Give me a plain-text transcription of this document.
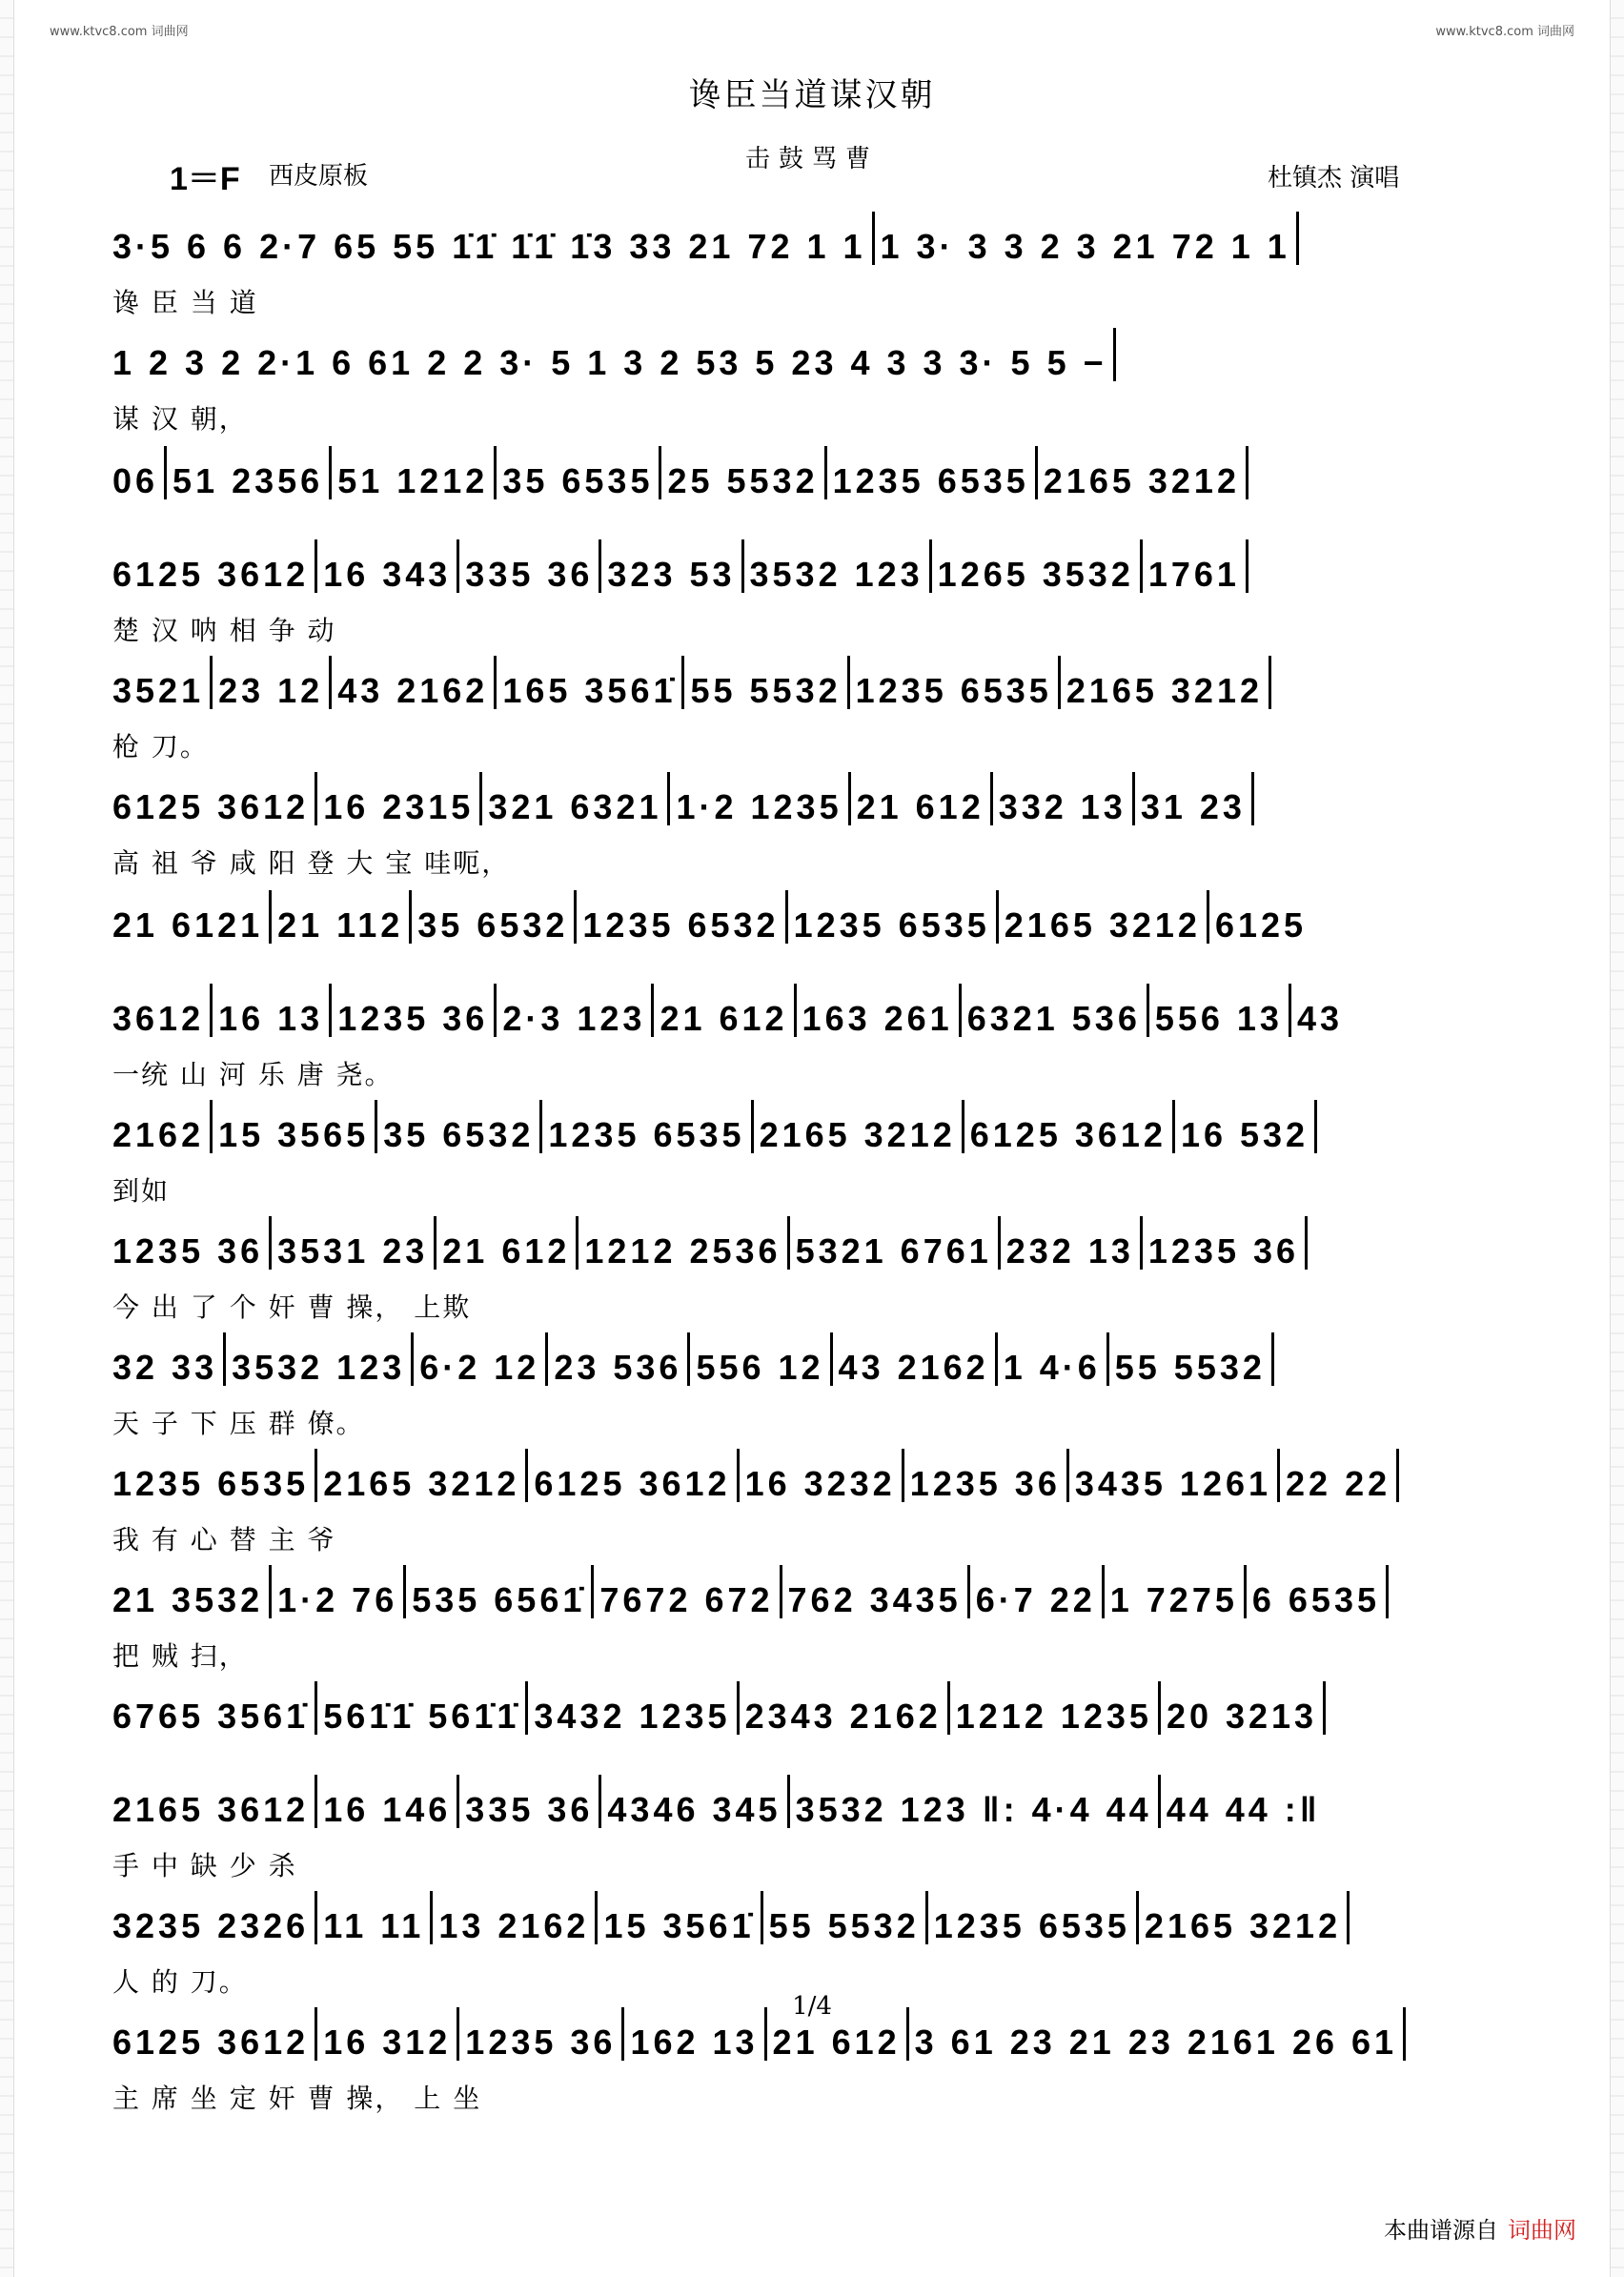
www.ktvc8.com 词曲网	www.ktvc8.com 词曲网
谗臣当道谋汉朝
1＝F 西皮原板
击鼓骂曹
杜镇杰 演唱
3·5 6 6 2·7 65 55 1̇1̇ 1̇1̇ 1̇3 33 21 72 1 1 1 3· 3 3 2 3 21 72 1 1
谗 臣 当 道
1 2 3 2 2·1 6 61 2 2 3· 5 1 3 2 53 5 23 4 3 3 3· 5 5 −
谋 汉 朝，
06 51 2356 51 1212 35 6535 25 5532 1235 6535 2165 3212
6125 3612 16 343 335 36 323 53 3532 123 1265 3532 1761
楚 汉 呐 相 争 动
3521 23 12 43 2162 165 3561̇ 55 5532 1235 6535 2165 3212
枪 刀。
6125 3612 16 2315 321 6321 1·2 1235 21 612 332 13 31 23
高 祖 爷 咸 阳 登 大 宝 哇呃，
21 6121 21 112 35 6532 1235 6532 1235 6535 2165 3212 6125
3612 16 13 1235 36 2·3 123 21 612 163 261 6321 536 556 13 43
一统 山 河 乐 唐 尧。
2162 15 3565 35 6532 1235 6535 2165 3212 6125 3612 16 532
到如
1235 36 3531 23 21 612 1212 2536 5321 6761 232 13 1235 36
今 出 了 个 奸 曹 操， 上欺
32 33 3532 123 6·2 12 23 536 556 12 43 2162 1 4·6 55 5532
天 子 下 压 群 僚。
1235 6535 2165 3212 6125 3612 16 3232 1235 36 3435 1261 22 22
我 有 心 替 主 爷
21 3532 1·2 76 535 6561̇ 7672 672 762 3435 6·7 22 1 7275 6 6535
把 贼 扫，
6765 3561̇ 561̇1̇ 561̇1̇ 3432 1235 2343 2162 1212 1235 20 3213
2165 3612 16 146 335 36 4346 345 3532 123 ‖: 4·4 44 44 44 :‖
手 中 缺 少 杀
3235 2326 11 11 13 2162 15 3561̇ 55 5532 1235 6535 2165 3212
人 的 刀。
6125 3612 16 312 1235 36 162 13 21 612 3 61 23 21 23 2161 26 61
主 席 坐 定 奸 曹 操， 上 坐
1/4
本曲谱源自 词曲网
